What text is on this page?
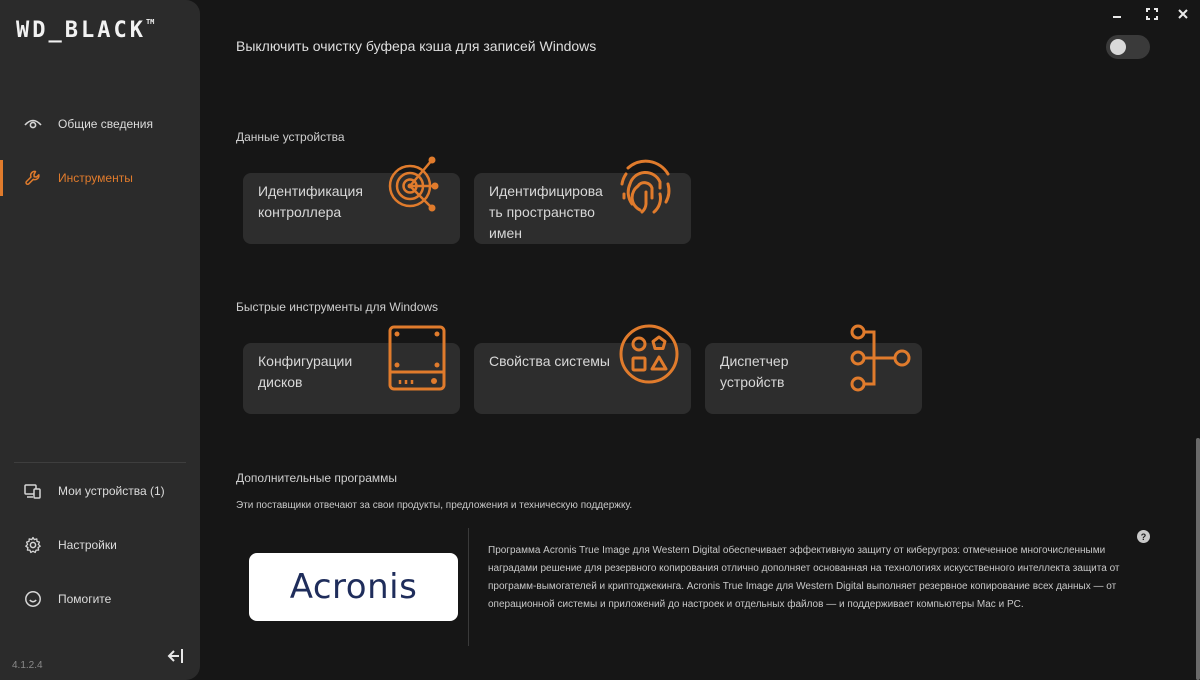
WD_BLACK™
Общие сведения
Инструменты
Мои устройства (1)
Настройки
Помогите
4.1.2.4
Выключить очистку буфера кэша для записей Windows
Данные устройства
Идентификация контроллера
Идентифицирова ть пространство имен
Быстрые инструменты для Windows
Конфигурации дисков
Свойства системы	Диспетчер устройств
Дополнительные программы
Эти поставщики отвечают за свои продукты, предложения и техническую поддержку.
?
Acronis
Программа Acronis True Image для Western Digital обеспечивает эффективную защиту от киберугроз: отмеченное многочисленными наградами решение для резервного копирования отлично дополняет основанная на технологиях искусственного интеллекта защита от программ-вымогателей и криптоджекинга. Acronis True Image для Western Digital выполняет резервное копирование всех данных — от операционной системы и приложений до настроек и отдельных файлов — и поддерживает компьютеры Mac и PC.
